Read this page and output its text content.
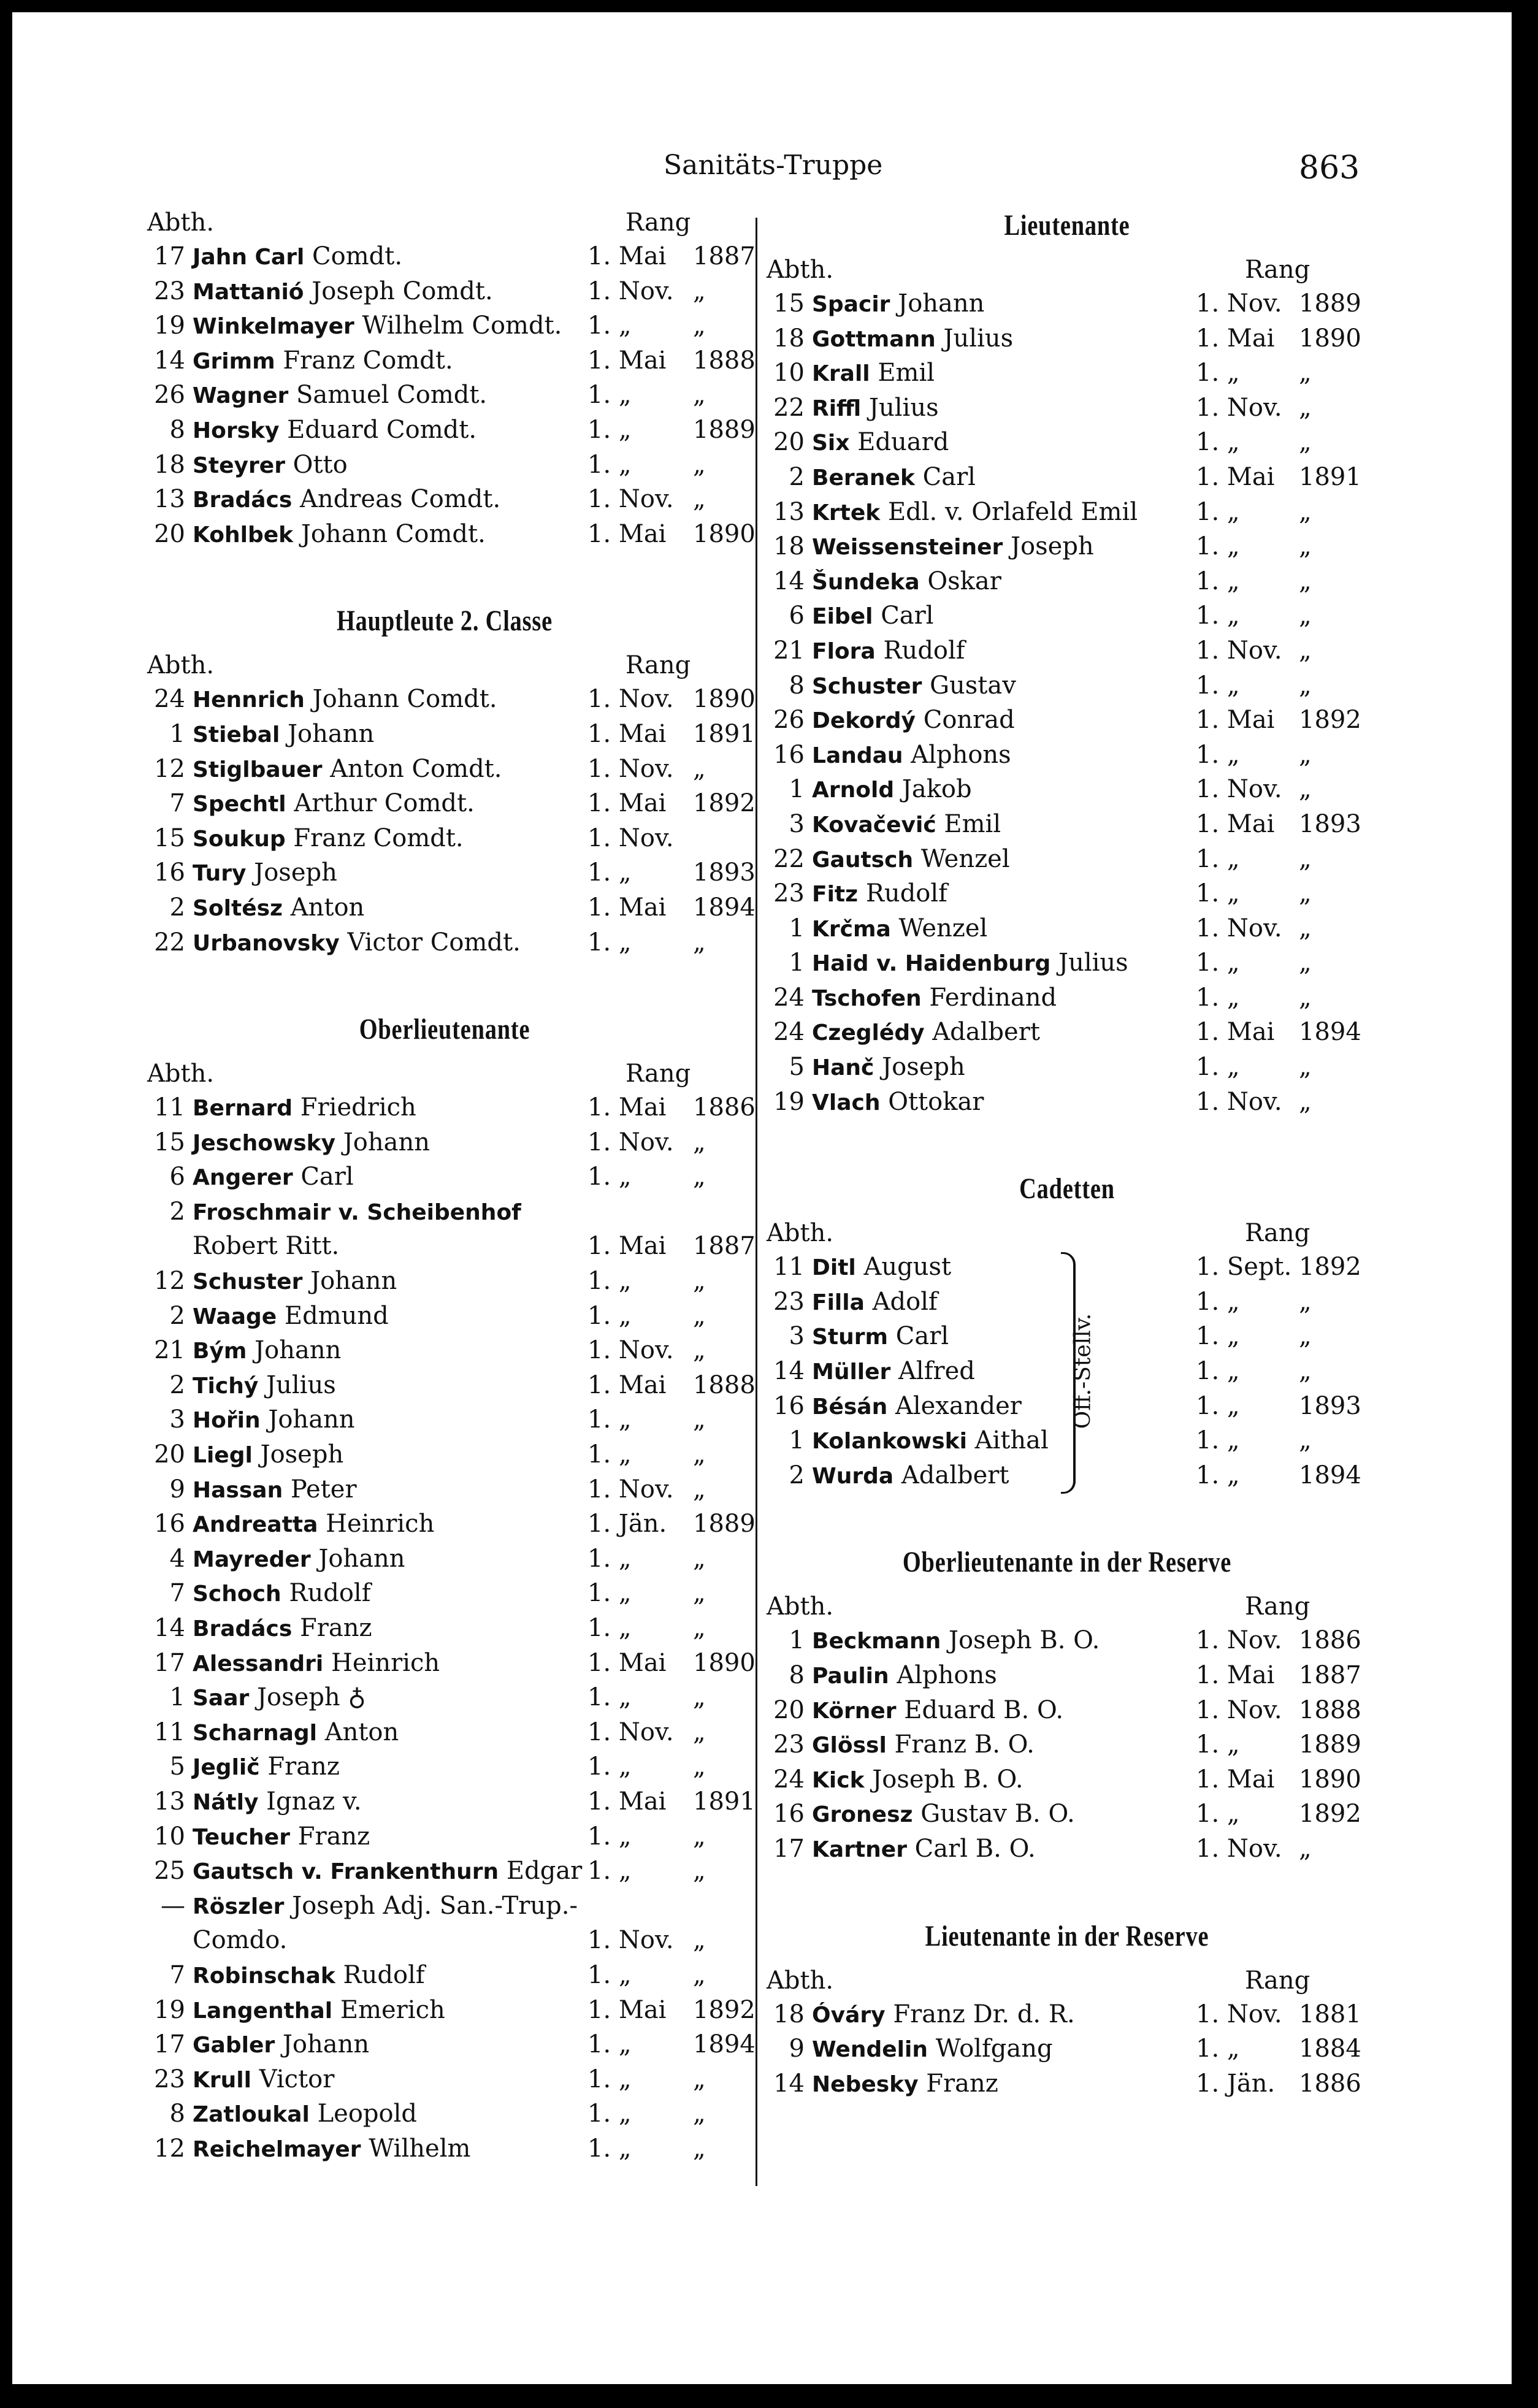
Sanitäts-Truppe	863
Abth.	Rang
17 Jahn Carl Comdt.	1. Mai 1887
23 Mattanió Joseph Comdt.	1. Nov. „
19 Winkelmayer Wilhelm Comdt. 1. „	„
14 Grimm Franz Comdt.	1. Mai 1888
26 Wagner Samuel Comdt.	1. „	„
8 Horsky Eduard Comdt.	1. „	1889
18 Steyrer Otto	1. „	„
13 Bradács Andreas Comdt.	1. Nov. „
20 Kohlbek Johann Comdt.	1. Mai 1890
Hauptleute 2. Classe
Abth.	Rang
24 Hennrich Johann Comdt.	1. Nov. 1890
1 Stiebal Johann	1. Mai 1891
12 Stiglbauer Anton Comdt.	1. Nov. „
7 Spechtl Arthur Comdt.	1. Mai 1892
15 Soukup Franz Comdt.	1. Nov.
16 Tury Joseph	1. „	1893
2 Soltész Anton	1. Mai 1894
22 Urbanovsky Victor Comdt.	1. „	„
Oberlieutenante
Abth.	Rang
11 Bernard Friedrich	1. Mai 1886
15 Jeschowsky Johann	1. Nov. „
6 Angerer Carl	1. „	„
2 Froschmair v. Scheibenhof
Robert Ritt.	1. Mai 1887
12 Schuster Johann	1. „	„
2 Waage Edmund	1. „	„
21 Bým Johann	1. Nov. „
2 Tichý Julius	1. Mai 1888
3 Hořin Johann	1. „	„
20 Liegl Joseph	1. „	„
9 Hassan Peter	1. Nov. „
16 Andreatta Heinrich	1. Jän. 1889
4 Mayreder Johann	1. „	„
7 Schoch Rudolf	1. „	„
14 Bradács Franz	1. „	„
17 Alessandri Heinrich	1. Mai 1890
1 Saar Joseph ♁	1. „	„
11 Scharnagl Anton	1. Nov. „
5 Jeglič Franz	1. „	„
13 Nátly Ignaz v.	1. Mai 1891
10 Teucher Franz	1. „	„
25 Gautsch v. Frankenthurn Edgar 1. „	„
— Röszler Joseph Adj. San.-Trup.-
Comdo.	1. Nov. „
7 Robinschak Rudolf	1. „	„
19 Langenthal Emerich	1. Mai 1892
17 Gabler Johann	1. „	1894
23 Krull Victor	1. „	„
8 Zatloukal Leopold	1. „	„
12 Reichelmayer Wilhelm	1. „	„
Lieutenante
Abth.	Rang
15 Spacir Johann	1. Nov. 1889
18 Gottmann Julius	1. Mai 1890
10 Krall Emil	1. „ „
22 Riffl Julius	1. Nov. „
20 Six Eduard	1. „ „
2 Beranek Carl	1. Mai 1891
13 Krtek Edl. v. Orlafeld Emil 1. „ „
18 Weissensteiner Joseph	1. „ „
14 Šundeka Oskar	1. „ „
6 Eibel Carl	1. „ „
21 Flora Rudolf	1. Nov. „
8 Schuster Gustav	1. „ „
26 Dekordý Conrad	1. Mai 1892
16 Landau Alphons	1. „ „
1 Arnold Jakob	1. Nov. „
3 Kovačević Emil	1. Mai 1893
22 Gautsch Wenzel	1. „ „
23 Fitz Rudolf	1. „ „
1 Krčma Wenzel	1. Nov. „
1 Haid v. Haidenburg Julius	1. „ „
24 Tschofen Ferdinand	1. „ „
24 Czeglédy Adalbert	1. Mai 1894
5 Hanč Joseph	1. „ „
19 Vlach Ottokar	1. Nov. „
Cadetten
Abth.	Rang
11 Ditl August	1. Sept. 1892
23 Filla Adolf	1. „ „
3 Sturm Carl	1. „ „
14 Müller Alfred	1. „ „
16 Bésán Alexander	1. „ 1893
1 Kolankowski Aithal	1. „ „
2 Wurda Adalbert	1. „ 1894
Off.-Stellv.
Oberlieutenante in der Reserve
Abth.	Rang
1 Beckmann Joseph B. O.	1. Nov. 1886
8 Paulin Alphons	1. Mai 1887
20 Körner Eduard B. O.	1. Nov. 1888
23 Glössl Franz B. O.	1. „ 1889
24 Kick Joseph B. O.	1. Mai 1890
16 Gronesz Gustav B. O.	1. „ 1892
17 Kartner Carl B. O.	1. Nov. „
Lieutenante in der Reserve
Abth.	Rang
18 Óváry Franz Dr. d. R.	1. Nov. 1881
9 Wendelin Wolfgang	1. „ 1884
14 Nebesky Franz	1. Jän. 1886
